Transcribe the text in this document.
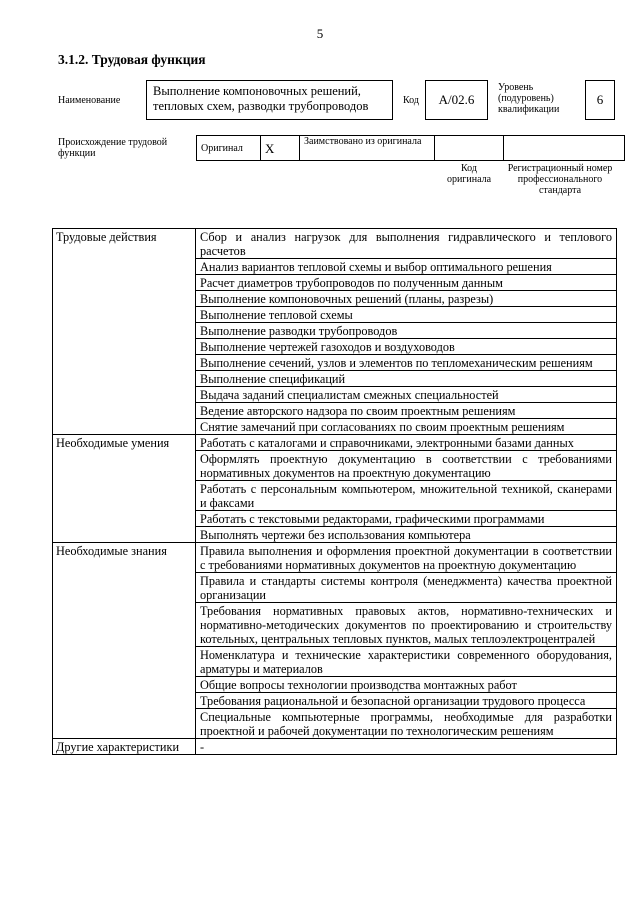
5
3.1.2. Трудовая функция
Наименование
Выполнение компоновочных решений, тепловых схем, разводки трубопроводов	Код А/02.6
Уровень (подуровень) квалификации
6
Происхождение трудовой функции	Оригинал	X	Заимствовано из оригинала		
Код оригинала
Регистрационный номер профессионального стандарта
Трудовые действия	Сбор и анализ нагрузок для выполнения гидравлического и теплового расчетов
	Анализ вариантов тепловой схемы и выбор оптимального решения
	Расчет диаметров трубопроводов по полученным данным
	Выполнение компоновочных решений (планы, разрезы)
	Выполнение тепловой схемы
	Выполнение разводки трубопроводов
	Выполнение чертежей газоходов и воздуховодов
	Выполнение сечений, узлов и элементов по тепломеханическим решениям
	Выполнение спецификаций
	Выдача заданий специалистам смежных специальностей
	Ведение авторского надзора по своим проектным решениям
	Снятие замечаний при согласованиях по своим проектным решениям
Необходимые умения	Работать с каталогами и справочниками, электронными базами данных
	Оформлять проектную документацию в соответствии с требованиями нормативных документов на проектную документацию
	Работать с персональным компьютером, множительной техникой, сканерами и факсами
	Работать с текстовыми редакторами, графическими программами
	Выполнять чертежи без использования компьютера
Необходимые знания	Правила выполнения и оформления проектной документации в соответствии с требованиями нормативных документов на проектную документацию
	Правила и стандарты системы контроля (менеджмента) качества проектной организации
	Требования нормативных правовых актов, нормативно-технических и нормативно-методических документов по проектированию и строительству котельных, центральных тепловых пунктов, малых теплоэлектроцентралей
	Номенклатура и технические характеристики современного оборудования, арматуры и материалов
	Общие вопросы технологии производства монтажных работ
	Требования рациональной и безопасной организации трудового процесса
	Специальные компьютерные программы, необходимые для разработки проектной и рабочей документации по технологическим решениям
Другие характеристики	-
